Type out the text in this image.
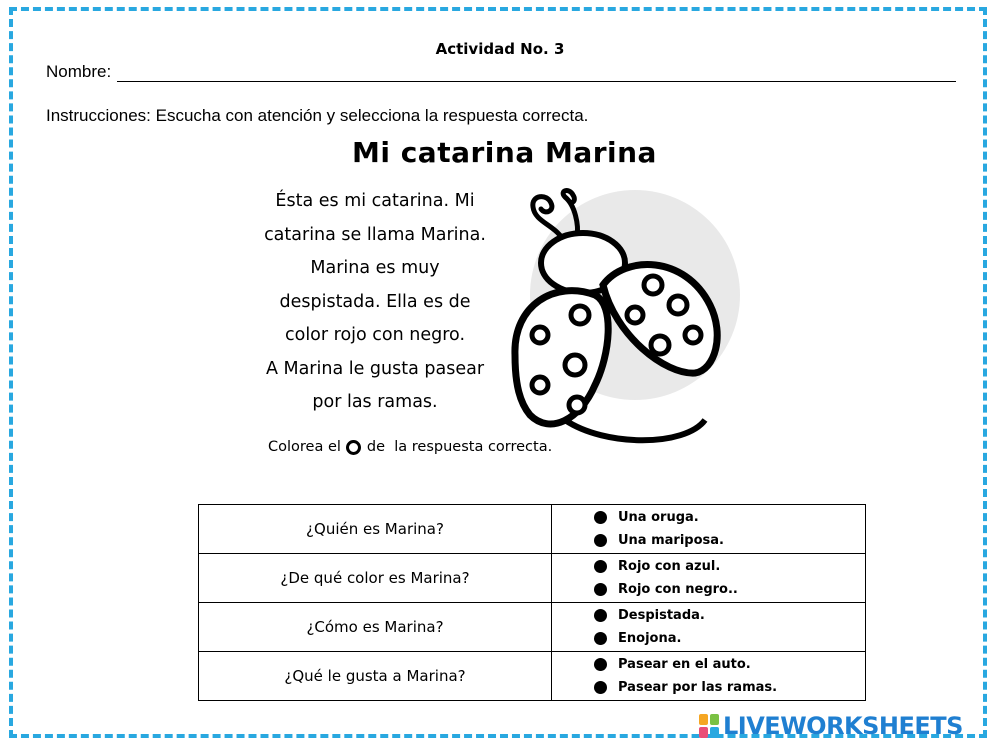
Actividad No. 3
Nombre:
Instrucciones: Escucha con atención y selecciona la respuesta correcta.
Mi catarina Marina
Ésta es mi catarina. Mi
catarina se llama Marina.
Marina es muy
despistada. Ella es de
color rojo con negro.
A Marina le gusta pasear
por las ramas.
Colorea el de  la respuesta correcta.
¿Quién es Marina?	Una oruga.
Una mariposa.

¿De qué color es Marina?	Rojo con azul.
Rojo con negro..

¿Cómo es Marina?	Despistada.
Enojona.

¿Qué le gusta a Marina?	Pasear en el auto.
Pasear por las ramas.
LIVEWORKSHEETS
